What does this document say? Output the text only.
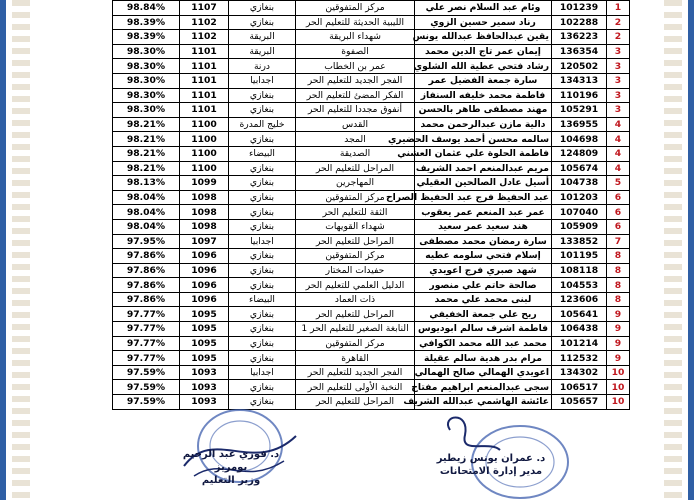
98.84%	1107	بنغازي	مركز المتفوقين	وئام عبد السلام نصر علي	101239	1
98.39%	1102	بنغازي	الليبية الحديثة للتعليم الحر	رناد سمير حسين الزوي	102288	2
98.39%	1102	البريقة	شهداء البريقة	يقين عبدالحافظ عبدالله يونس	136223	2
98.30%	1101	البريقة	الصفوة	إيمان عمر تاج الدين محمد	136354	3
98.30%	1101	درنة	عمر بن الخطاب	رشاد فتحي عطية الله الشلوي	120502	3
98.30%	1101	اجدابيا	الفجر الجديد للتعليم الحر	سارة جمعة الفضيل عمر	134313	3
98.30%	1101	بنغازي	الفكر المضئ للتعليم الحر	فاطمة محمد خليفه السنفاز	110196	3
98.30%	1101	بنغازي	أنفوق مجددا للتعليم الحر	مهند مصطفى طاهر بالحسن	105291	3
98.21%	1100	خليج المدرة	القدس	دالية مازن عبدالرحمن محمد	136955	4
98.21%	1100	بنغازي	المجد	سالمه محسن أحمد يوسف الحضيري	104698	4
98.21%	1100	البيضاء	الصديقة	فاطمة الحلوة علي عثمان العشني	124809	4
98.21%	1100	بنغازي	المراحل للتعليم الحر	مريم عبدالمنعم احمد الشريف	105674	4
98.13%	1099	بنغازي	المهاجرين	أسيل عادل الصالحين العقيلي	104738	5
98.04%	1098	بنغازي	مركز المتفوقين	عبد الحفيظ فرج عبد الحفيظ الصراح	101203	6
98.04%	1098	بنغازي	الثقة للتعليم الحر	عمر عبد المنعم عمر يعقوب	107040	6
98.04%	1098	بنغازي	شهداء القويهات	هند سعيد عمر سعيد	105909	6
97.95%	1097	اجدابيا	المراحل للتعليم الحر	سارة رمضان محمد مصطفى	133852	7
97.86%	1096	بنغازي	مركز المتفوقين	إسلام فتحي سلومه عطيه	101195	8
97.86%	1096	بنغازي	حفيدات المختار	شهد صبري فرج اعويدي	108118	8
97.86%	1096	بنغازي	الدليل العلمي للتعليم الحر	صالحة حاتم علي منصور	104553	8
97.86%	1096	البيضاء	ذات العماد	لبنى محمد علي محمد	123606	8
97.77%	1095	بنغازي	المراحل للتعليم الحر	ريح علي جمعة الخفيفي	105641	9
97.77%	1095	بنغازي	النابغة الصغير للتعليم الحر 1	فاطمة اشرف سالم ابوديوس	106438	9
97.77%	1095	بنغازي	مركز المتفوقين	محمد عبد الله محمد الكوافي	101214	9
97.77%	1095	بنغازي	القاهرة	مرام بدر هدية سالم عقيلة	112532	9
97.59%	1093	اجدابيا	الفجر الجديد للتعليم الحر	اعويدي الهمالي صالح الهمالي	134302	10
97.59%	1093	بنغازي	النخبة الأولى للتعليم الحر	سجى عبدالمنعم ابراهيم مفتاح	106517	10
97.59%	1093	بنغازي	المراحل للتعليم الحر	عائشة الهاشمي عبدالله الشريف	105657	10
د. فوزي عبد الرحيم بومريز
وزير التعليم
د. عمران يونس زيطير
مدير إدارة الامتحانات
